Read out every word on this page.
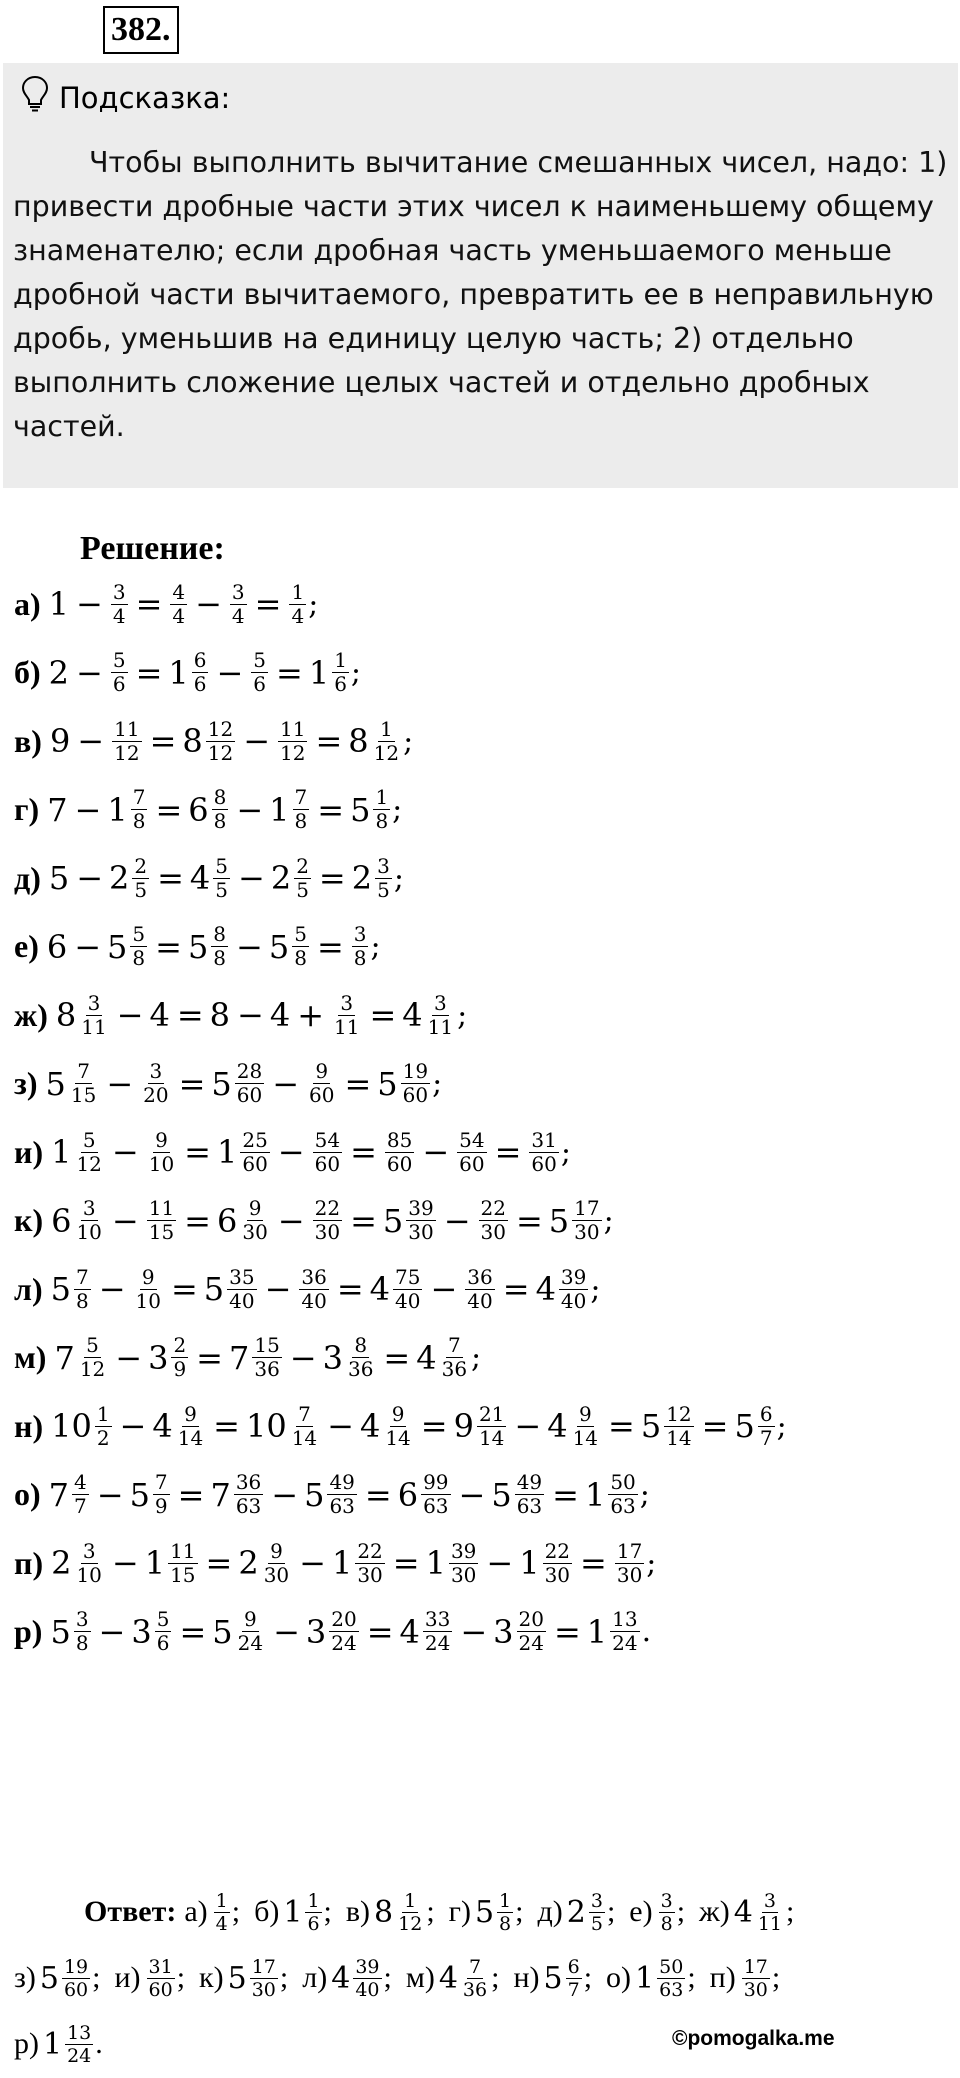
382.
Подсказка:
Чтобы выполнить вычитание смешанных чисел, надо: 1) привести дробные части этих чисел к наименьшему общему знаменателю; если дробная часть уменьшаемого меньше дробной части вычитаемого, превратить ее в неправильную дробь, уменьшив на единицу целую часть; 2) отдельно выполнить сложение целых частей и отдельно дробных частей.
Решение:
а) $1 - \frac{3}{4} = \frac{4}{4} - \frac{3}{4} = \frac{1}{4}$ ;
б) $2 - \frac{5}{6} = 1 \frac{6}{6} - \frac{5}{6} = 1 \frac{1}{6}$ ;
в) $9 - \frac{11}{12} = 8 \frac{12}{12} - \frac{11}{12} = 8 \frac{1}{12}$ ;
г) $7 - 1 \frac{7}{8} = 6 \frac{8}{8} - 1 \frac{7}{8} = 5 \frac{1}{8}$ ;
д) $5 - 2 \frac{2}{5} = 4 \frac{5}{5} - 2 \frac{2}{5} = 2 \frac{3}{5}$ ;
е) $6 - 5 \frac{5}{8} = 5 \frac{8}{8} - 5 \frac{5}{8} = \frac{3}{8}$ ;
ж) $8 \frac{3}{11} - 4 = 8 - 4 + \frac{3}{11} = 4 \frac{3}{11}$ ;
з) $5 \frac{7}{15} - \frac{3}{20} = 5 \frac{28}{60} - \frac{9}{60} = 5 \frac{19}{60}$ ;
и) $1 \frac{5}{12} - \frac{9}{10} = 1 \frac{25}{60} - \frac{54}{60} = \frac{85}{60} - \frac{54}{60} = \frac{31}{60}$ ;
к) $6 \frac{3}{10} - \frac{11}{15} = 6 \frac{9}{30} - \frac{22}{30} = 5 \frac{39}{30} - \frac{22}{30} = 5 \frac{17}{30}$ ;
л) $5 \frac{7}{8} - \frac{9}{10} = 5 \frac{35}{40} - \frac{36}{40} = 4 \frac{75}{40} - \frac{36}{40} = 4 \frac{39}{40}$ ;
м) $7 \frac{5}{12} - 3 \frac{2}{9} = 7 \frac{15}{36} - 3 \frac{8}{36} = 4 \frac{7}{36}$ ;
н) $10 \frac{1}{2} - 4 \frac{9}{14} = 10 \frac{7}{14} - 4 \frac{9}{14} = 9 \frac{21}{14} - 4 \frac{9}{14} = 5 \frac{12}{14} = 5 \frac{6}{7}$ ;
о) $7 \frac{4}{7} - 5 \frac{7}{9} = 7 \frac{36}{63} - 5 \frac{49}{63} = 6 \frac{99}{63} - 5 \frac{49}{63} = 1 \frac{50}{63}$ ;
п) $2 \frac{3}{10} - 1 \frac{11}{15} = 2 \frac{9}{30} - 1 \frac{22}{30} = 1 \frac{39}{30} - 1 \frac{22}{30} = \frac{17}{30}$ ;
р) $5 \frac{3}{8} - 3 \frac{5}{6} = 5 \frac{9}{24} - 3 \frac{20}{24} = 4 \frac{33}{24} - 3 \frac{20}{24} = 1 \frac{13}{24}$ .
Ответ: $а) \frac{1}{4}$ ; б) $1 \frac{1}{6}$ ; в) $8 \frac{1}{12}$ ; г) $5 \frac{1}{8}$ ; д) $2 \frac{3}{5}$ ; $е) \frac{3}{8}$ ; ж) $4 \frac{3}{11}$ ;
з) $5 \frac{19}{60}$ ; $и) \frac{31}{60}$ ; к) $5 \frac{17}{30}$ ; л) $4 \frac{39}{40}$ ; м) $4 \frac{7}{36}$ ; н) $5 \frac{6}{7}$ ; о) $1 \frac{50}{63}$ ; $п) \frac{17}{30}$ ;
р) $1 \frac{13}{24}$ .	©pomogalka.me
